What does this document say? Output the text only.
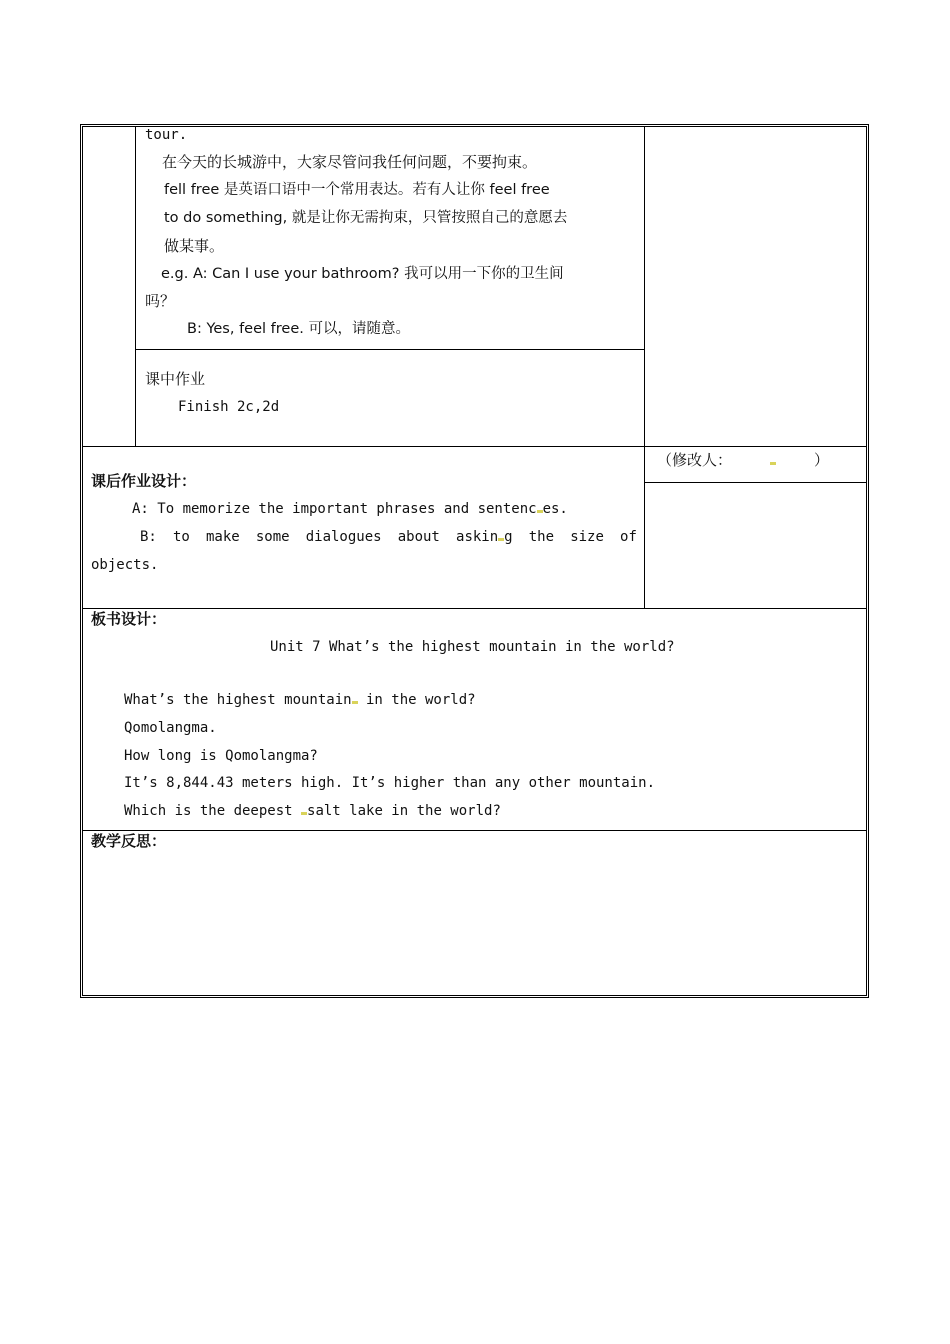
tour.
在今天的长城游中，大家尽管问我任何问题，不要拘束。
fell free 是英语口语中一个常用表达。若有人让你 feel free
to do something, 就是让你无需拘束，只管按照自己的意愿去
做某事。
e.g. A: Can I use your bathroom? 我可以用一下你的卫生间
吗？
B: Yes, feel free. 可以，请随意。
课中作业
Finish 2c,2d
（修改人：	）
课后作业设计：
A: To memorize the important phrases and sentenc es.
B: to make some dialogues about askin g the size of
objects.
板书设计：
Unit 7 What’s the highest mountain in the world?
What’s the highest mountain in the world?
Qomolangma.
How long is Qomolangma?
It’s 8,844.43 meters high. It’s higher than any other mountain.
Which is the deepest salt lake in the world?
教学反思：
